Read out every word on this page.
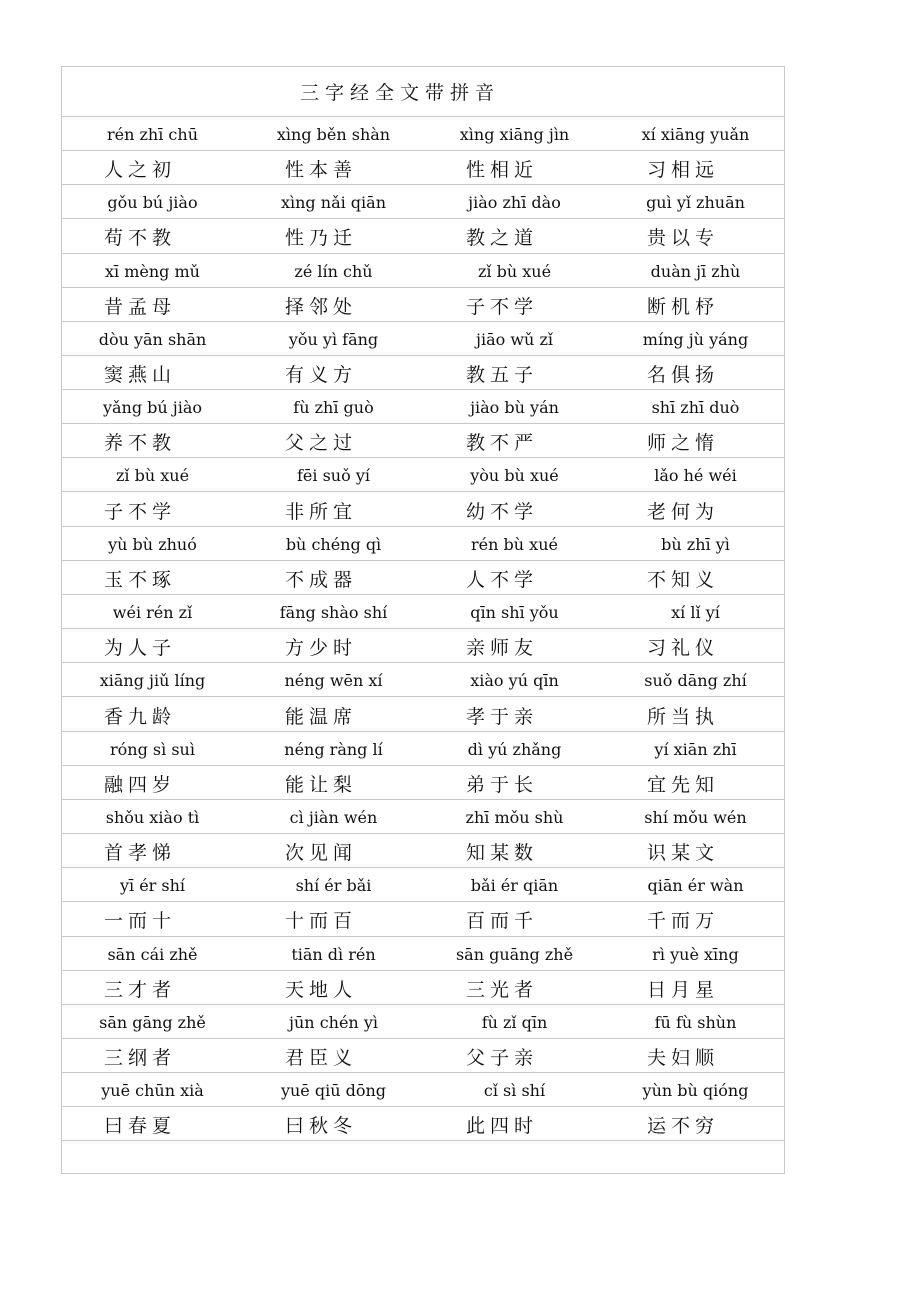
三字经全文带拼音
rén zhī chū	xìng běn shàn	xìng xiāng jìn	xí xiāng yuǎn
人之初	性本善	性相近	习相远
gǒu bú jiào	xìng nǎi qiān	jiào zhī dào	guì yǐ zhuān
苟不教	性乃迁	教之道	贵以专
xī mèng mǔ	zé lín chǔ	zǐ bù xué	duàn jī zhù
昔孟母	择邻处	子不学	断机杼
dòu yān shān	yǒu yì fāng	jiāo wǔ zǐ	míng jù yáng
窦燕山	有义方	教五子	名俱扬
yǎng bú jiào	fù zhī guò	jiào bù yán	shī zhī duò
养不教	父之过	教不严	师之惰
zǐ bù xué	fēi suǒ yí	yòu bù xué	lǎo hé wéi
子不学	非所宜	幼不学	老何为
yù bù zhuó	bù chéng qì	rén bù xué	bù zhī yì
玉不琢	不成器	人不学	不知义
wéi rén zǐ	fāng shào shí	qīn shī yǒu	xí lǐ yí
为人子	方少时	亲师友	习礼仪
xiāng jiǔ líng	néng wēn xí	xiào yú qīn	suǒ dāng zhí
香九龄	能温席	孝于亲	所当执
róng sì suì	néng ràng lí	dì yú zhǎng	yí xiān zhī
融四岁	能让梨	弟于长	宜先知
shǒu xiào tì	cì jiàn wén	zhī mǒu shù	shí mǒu wén
首孝悌	次见闻	知某数	识某文
yī ér shí	shí ér bǎi	bǎi ér qiān	qiān ér wàn
一而十	十而百	百而千	千而万
sān cái zhě	tiān dì rén	sān guāng zhě	rì yuè xīng
三才者	天地人	三光者	日月星
sān gāng zhě	jūn chén yì	fù zǐ qīn	fū fù shùn
三纲者	君臣义	父子亲	夫妇顺
yuē chūn xià	yuē qiū dōng	cǐ sì shí	yùn bù qióng
曰春夏	曰秋冬	此四时	运不穷
